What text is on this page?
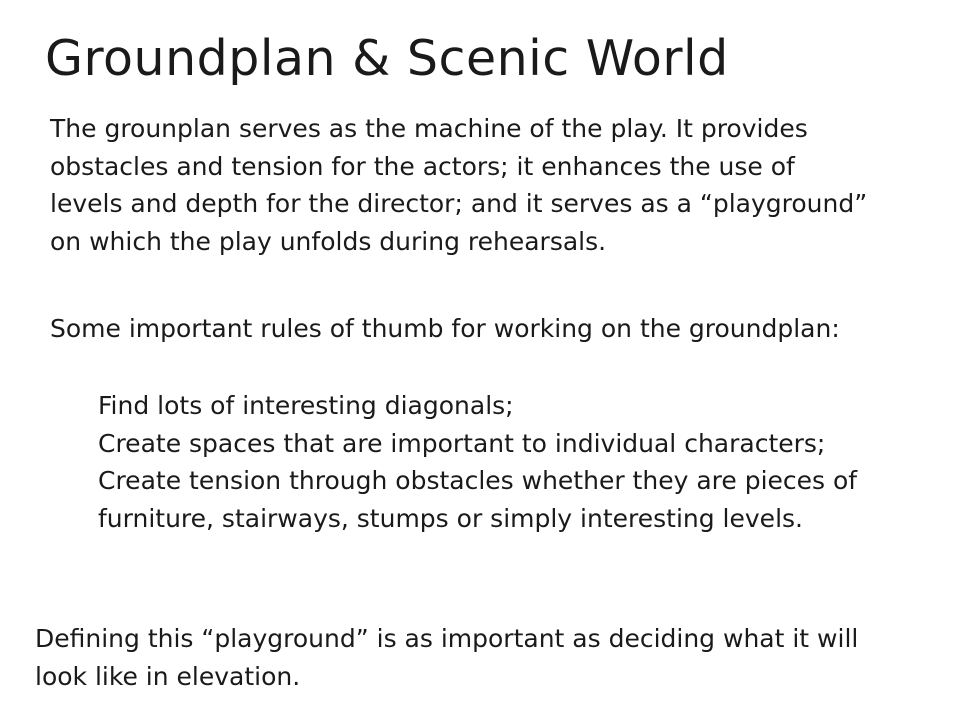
Groundplan & Scenic World

The grounplan serves as the machine of the play. It provides obstacles and tension for the actors; it enhances the use of levels and depth for the director; and it serves as a “playground” on which the play unfolds during rehearsals.

Some important rules of thumb for working on the groundplan:

Find lots of interesting diagonals;
Create spaces that are important to individual characters;
Create tension through obstacles whether they are pieces of furniture, stairways, stumps or simply interesting levels.

Defining this “playground” is as important as deciding what it will look like in elevation.
